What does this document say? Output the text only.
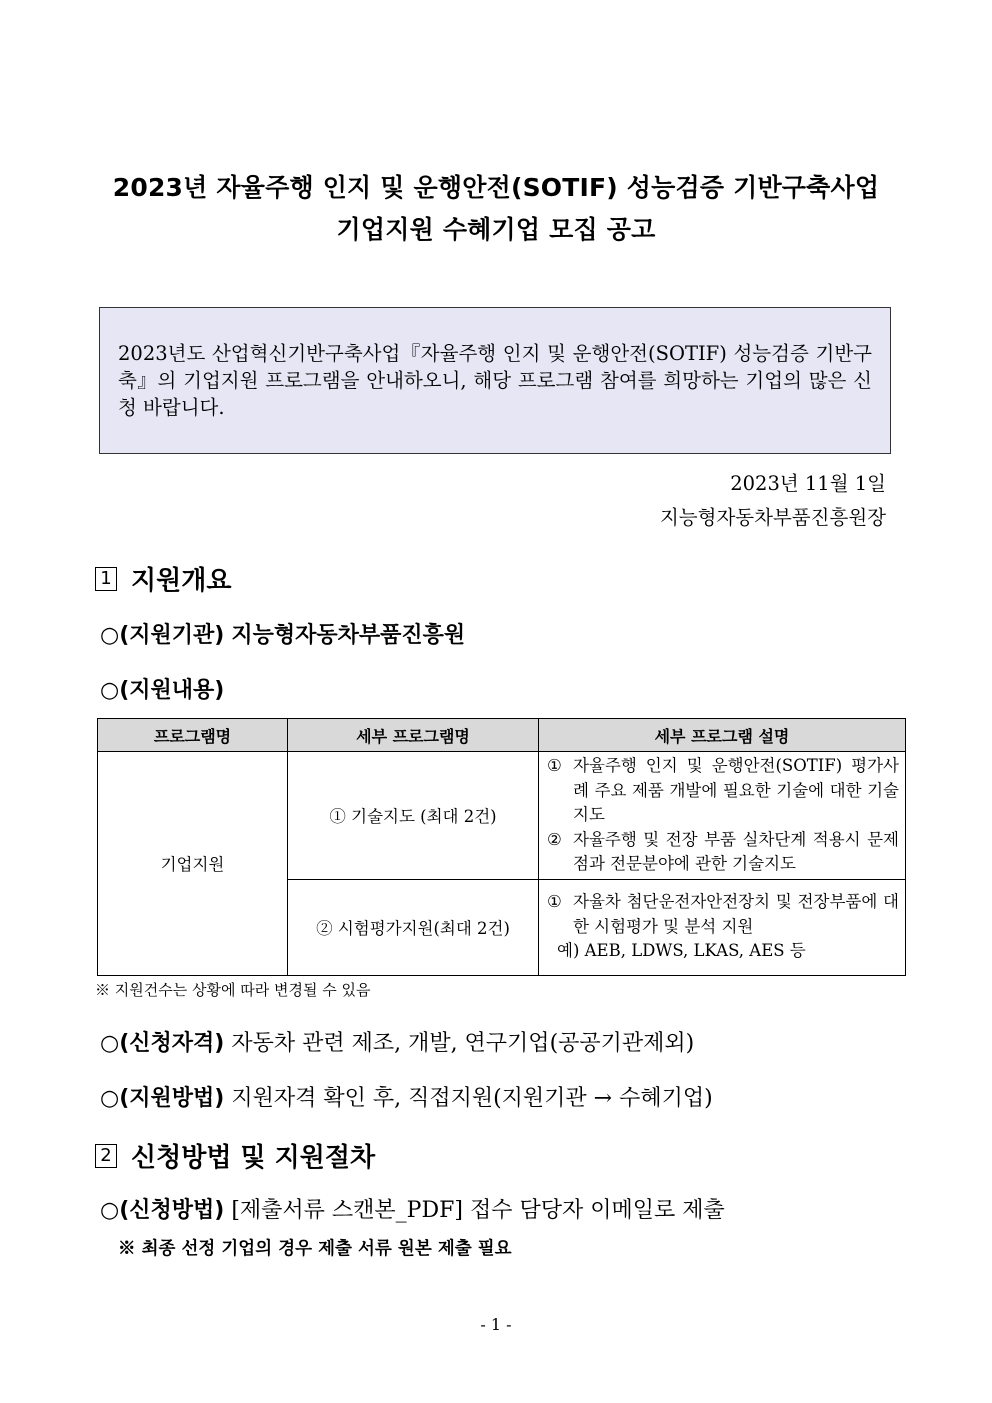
2023년 자율주행 인지 및 운행안전(SOTIF) 성능검증 기반구축사업
기업지원 수혜기업 모집 공고
2023년도 산업혁신기반구축사업『자율주행 인지 및 운행안전(SOTIF) 성능검증 기반구축』의 기업지원 프로그램을 안내하오니, 해당 프로그램 참여를 희망하는 기업의 많은 신청 바랍니다.
2023년 11월 1일
지능형자동차부품진흥원장
1 지원개요
○(지원기관) 지능형자동차부품진흥원
○(지원내용)
프로그램명	세부 프로그램명	세부 프로그램 설명
기업지원	① 기술지도 (최대 2건)	① 자율주행 인지 및 운행안전(SOTIF) 평가사례 주요 제품 개발에 필요한 기술에 대한 기술지도
② 자율주행 및 전장 부품 실차단계 적용시 문제점과 전문분야에 관한 기술지도

	② 시험평가지원(최대 2건)	① 자율차 첨단운전자안전장치 및 전장부품에 대한 시험평가 및 분석 지원
예) AEB, LDWS, LKAS, AES 등
※ 지원건수는 상황에 따라 변경될 수 있음
○(신청자격) 자동차 관련 제조, 개발, 연구기업(공공기관제외)
○(지원방법) 지원자격 확인 후, 직접지원(지원기관 → 수혜기업)
2 신청방법 및 지원절차
○(신청방법) [제출서류 스캔본_PDF] 접수 담당자 이메일로 제출
※ 최종 선정 기업의 경우 제출 서류 원본 제출 필요
- 1 -
